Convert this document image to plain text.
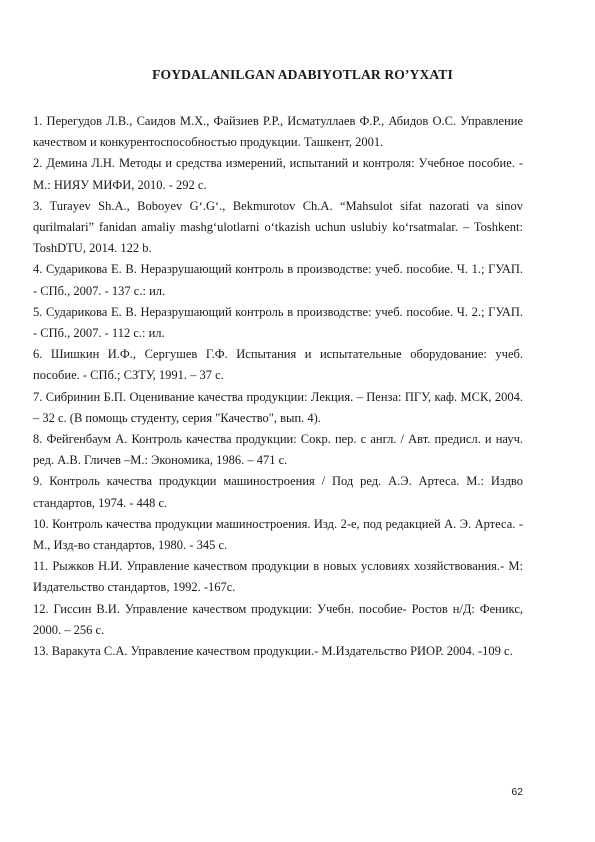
FOYDALANILGAN ADABIYOTLAR RO’YXATI
1. Перегудов Л.В., Саидов М.Х., Файзиев Р.Р., Исматуллаев Ф.Р., Абидов О.С. Управление качеством и конкурентоспособностью продукции. Ташкент, 2001.
2. Демина Л.Н. Методы и средства измерений, испытаний и контроля: Учебное пособие. - М.: НИЯУ МИФИ, 2010. - 292 с.
3. Turayev Sh.A., Boboyev G‘.G‘., Bekmurotov Ch.A. “Mahsulot sifat nazorati va sinov qurilmalari” fanidan amaliy mashg‘ulotlarni o‘tkazish uchun uslubiy ko‘rsatmalar. – Toshkent: ToshDTU, 2014. 122 b.
4. Сударикова Е. В. Неразрушающий контроль в производстве: учеб. пособие. Ч. 1.; ГУАП. - СПб., 2007. - 137 с.: ил.
5. Сударикова Е. В. Неразрушающий контроль в производстве: учеб. пособие. Ч. 2.; ГУАП. - СПб., 2007. - 112 с.: ил.
6. Шишкин И.Ф., Сергушев Г.Ф. Испытания и испытательные оборудование: учеб. пособие. - СПб.; СЗТУ, 1991. – 37 с.
7. Сибринин Б.П. Оценивание качества продукции: Лекция. – Пенза: ПГУ, каф. МСК, 2004. – 32 с. (В помощь студенту, серия "Качество", вып. 4).
8. Фейгенбаум А. Контроль качества продукции: Сокр. пер. с англ. / Авт. предисл. и науч. ред. А.В. Гличев –М.: Экономика, 1986. – 471 с.
9. Контроль качества продукции машиностроения / Под ред. А.Э. Артеса. М.: Издво стандартов, 1974. - 448 с.
10. Контроль качества продукции машиностроения. Изд. 2-е, под редакцией А. Э. Артеса. - М., Изд-во стандартов, 1980. - 345 с.
11. Рыжков Н.И. Управление качеством продукции в новых условиях хозяйствования.- М: Издательство стандартов, 1992. -167с.
12. Гиссин В.И. Управление качеством продукции: Учебн. пособие- Ростов н/Д: Феникс, 2000. – 256 с.
13. Варакута С.А. Управление качеством продукции.- М.Издательство РИОР. 2004. -109 с.
62
